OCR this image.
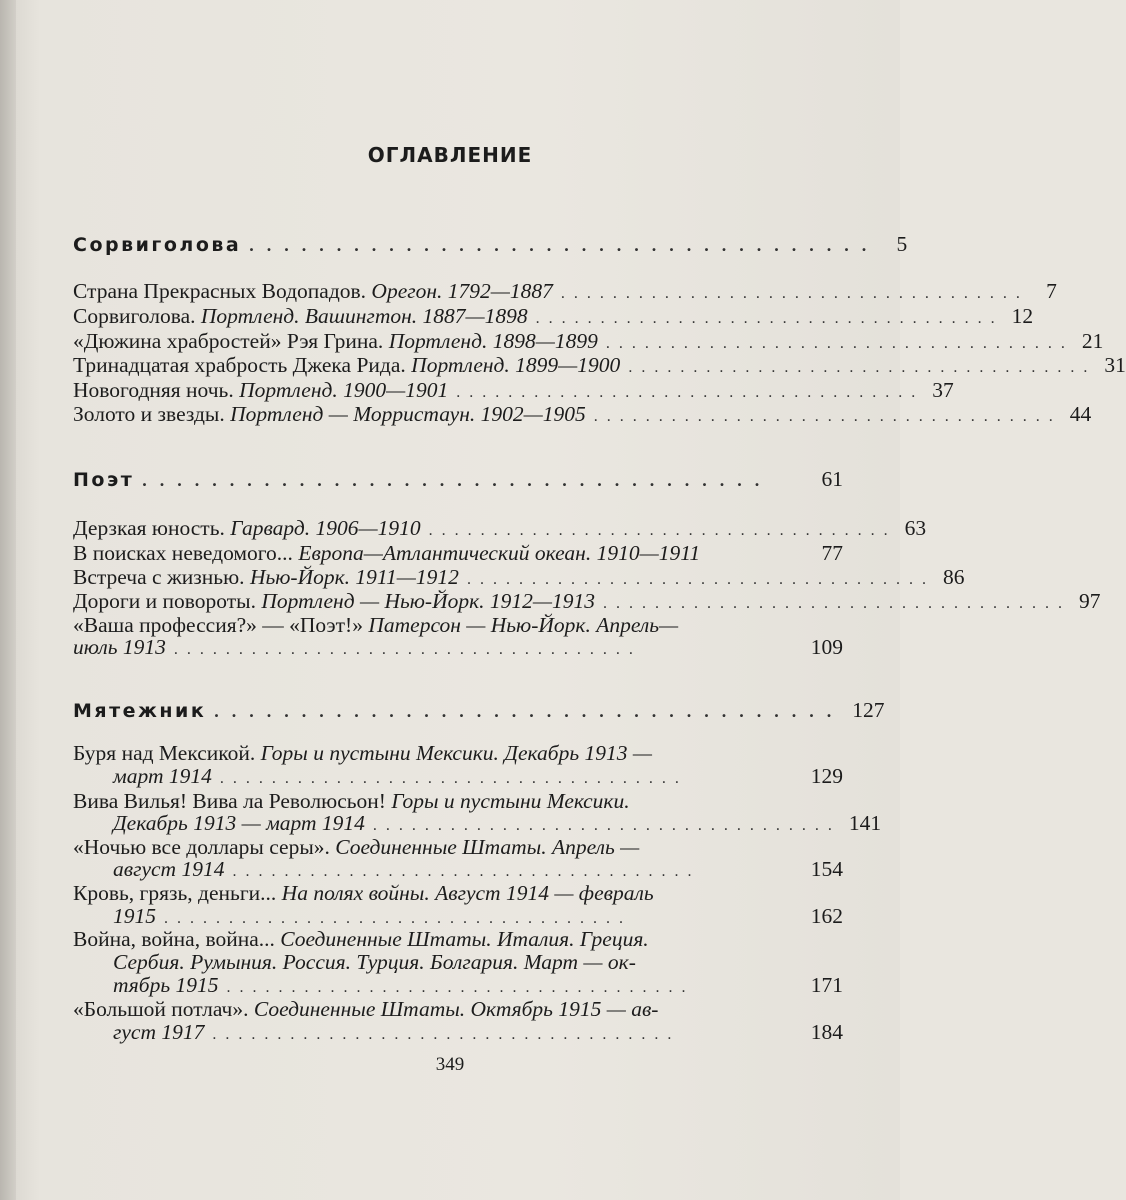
ОГЛАВЛЕНИЕ
Сорвиголова .................................... 5
Страна Прекрасных Водопадов. Орегон. 1792—1887 .................................... 7
Сорвиголова. Портленд. Вашингтон. 1887—1898 .................................... 12
«Дюжина храбростей» Рэя Грина. Портленд. 1898—1899 .................................... 21
Тринадцатая храбрость Джека Рида. Портленд. 1899—1900 .................................... 31
Новогодняя ночь. Портленд. 1900—1901 .................................... 37
Золото и звезды. Портленд — Морристаун. 1902—1905 .................................... 44
Поэт ....................................	61
Дерзкая юность. Гарвард. 1906—1910 .................................... 63
В поисках неведомого... Европа—Атлантический океан. 1910—1911	77
Встреча с жизнью. Нью-Йорк. 1911—1912 .................................... 86
Дороги и повороты. Портленд — Нью-Йорк. 1912—1913 .................................... 97
«Ваша профессия?» — «Поэт!» Патерсон — Нью-Йорк. Апрель—
июль 1913 ....................................	109
Мятежник .................................... 127
Буря над Мексикой. Горы и пустыни Мексики. Декабрь 1913 —
март 1914 ....................................	129
Вива Вилья! Вива ла Революсьон! Горы и пустыни Мексики.
Декабрь 1913 — март 1914 .................................... 141
«Ночью все доллары серы». Соединенные Штаты. Апрель —
август 1914 ....................................	154
Кровь, грязь, деньги... На полях войны. Август 1914 — февраль
1915 ....................................	162
Война, война, война... Соединенные Штаты. Италия. Греция.
Сербия. Румыния. Россия. Турция. Болгария. Март — ок-
тябрь 1915 ....................................	171
«Большой потлач». Соединенные Штаты. Октябрь 1915 — ав-
густ 1917 ....................................	184
349
